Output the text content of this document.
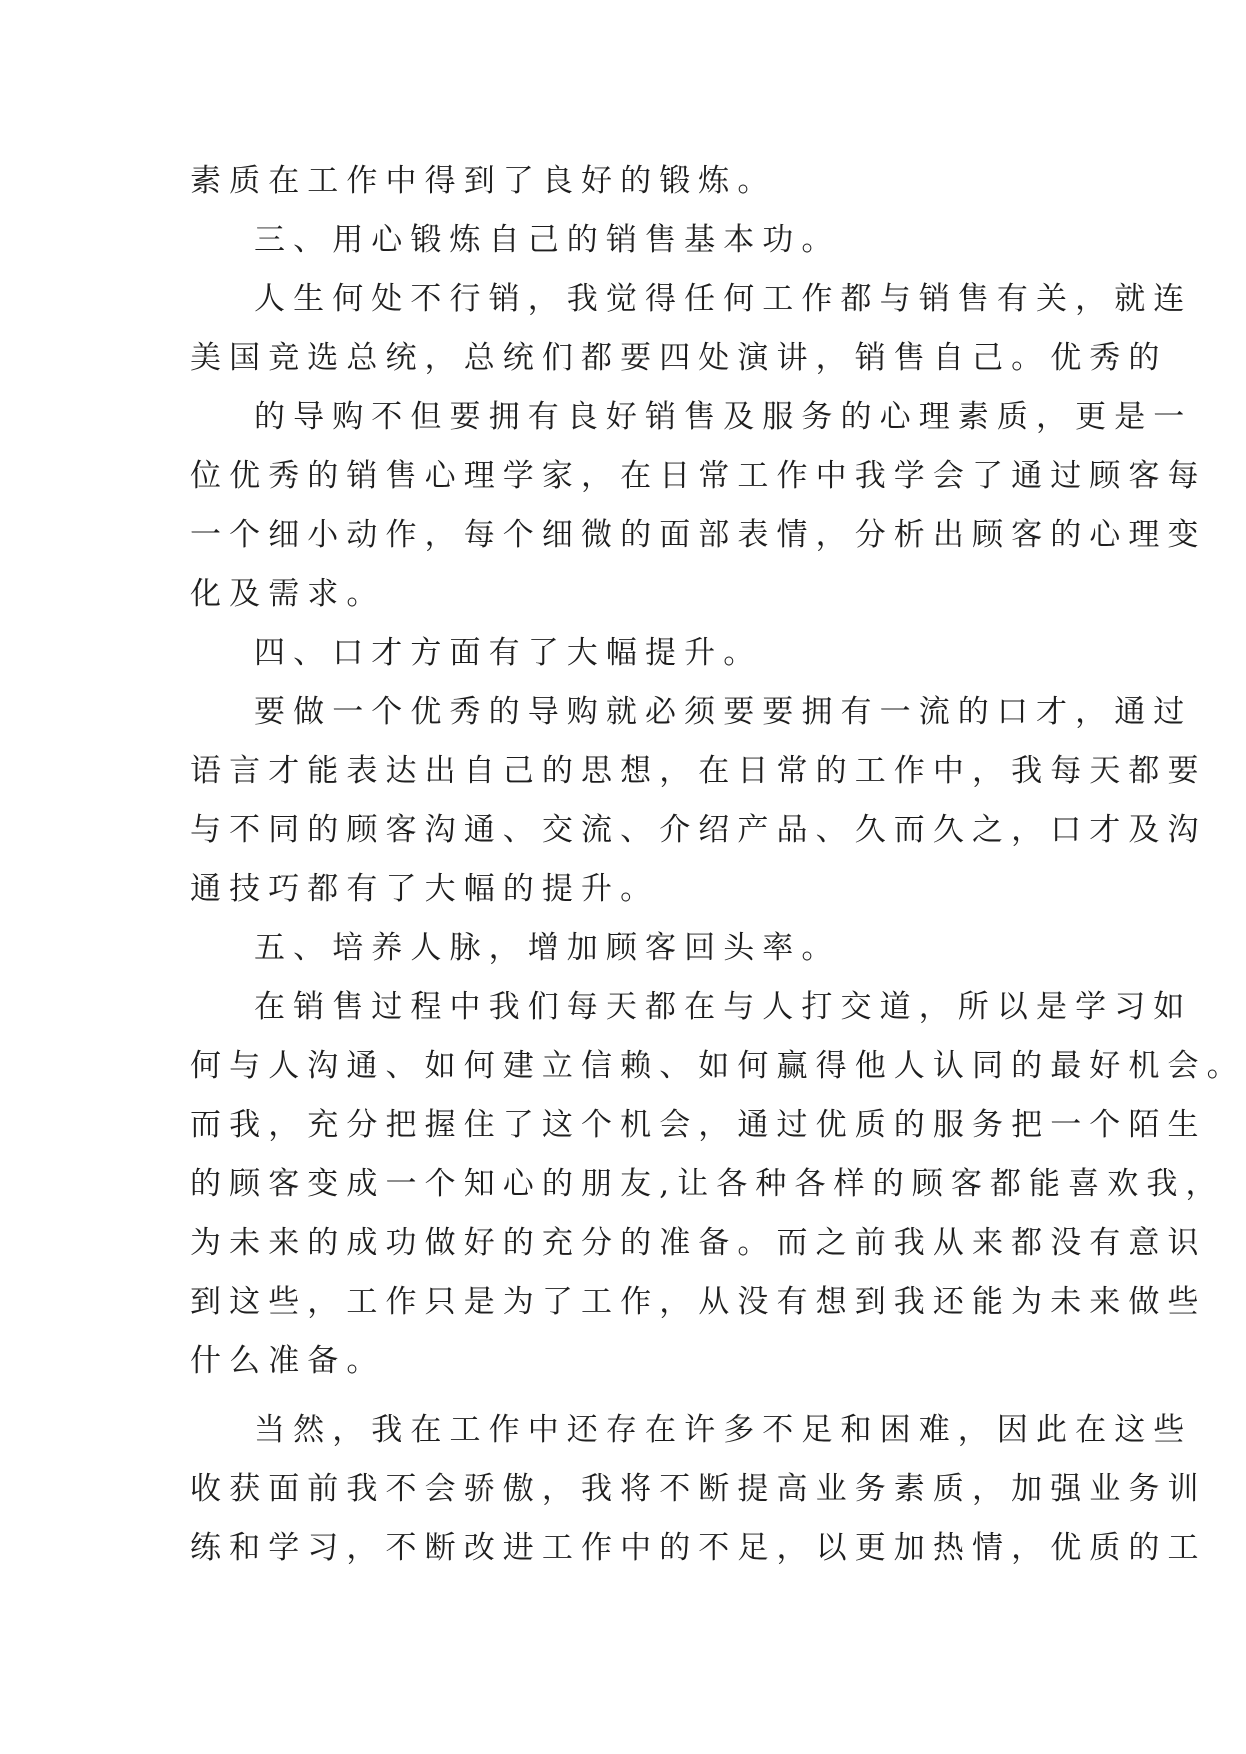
素质在工作中得到了良好的锻炼。
三、用心锻炼自己的销售基本功。
人生何处不行销，我觉得任何工作都与销售有关，就连
美国竞选总统，总统们都要四处演讲，销售自己。优秀的
的导购不但要拥有良好销售及服务的心理素质，更是一
位优秀的销售心理学家，在日常工作中我学会了通过顾客每
一个细小动作，每个细微的面部表情，分析出顾客的心理变
化及需求。
四、口才方面有了大幅提升。
要做一个优秀的导购就必须要要拥有一流的口才，通过
语言才能表达出自己的思想，在日常的工作中，我每天都要
与不同的顾客沟通、交流、介绍产品、久而久之，口才及沟
通技巧都有了大幅的提升。
五、培养人脉，增加顾客回头率。
在销售过程中我们每天都在与人打交道，所以是学习如
何与人沟通、如何建立信赖、如何赢得他人认同的最好机会。
而我，充分把握住了这个机会，通过优质的服务把一个陌生
的顾客变成一个知心的朋友,让各种各样的顾客都能喜欢我，
为未来的成功做好的充分的准备。而之前我从来都没有意识
到这些，工作只是为了工作，从没有想到我还能为未来做些
什么准备。
当然，我在工作中还存在许多不足和困难，因此在这些
收获面前我不会骄傲，我将不断提高业务素质，加强业务训
练和学习，不断改进工作中的不足，以更加热情，优质的工
